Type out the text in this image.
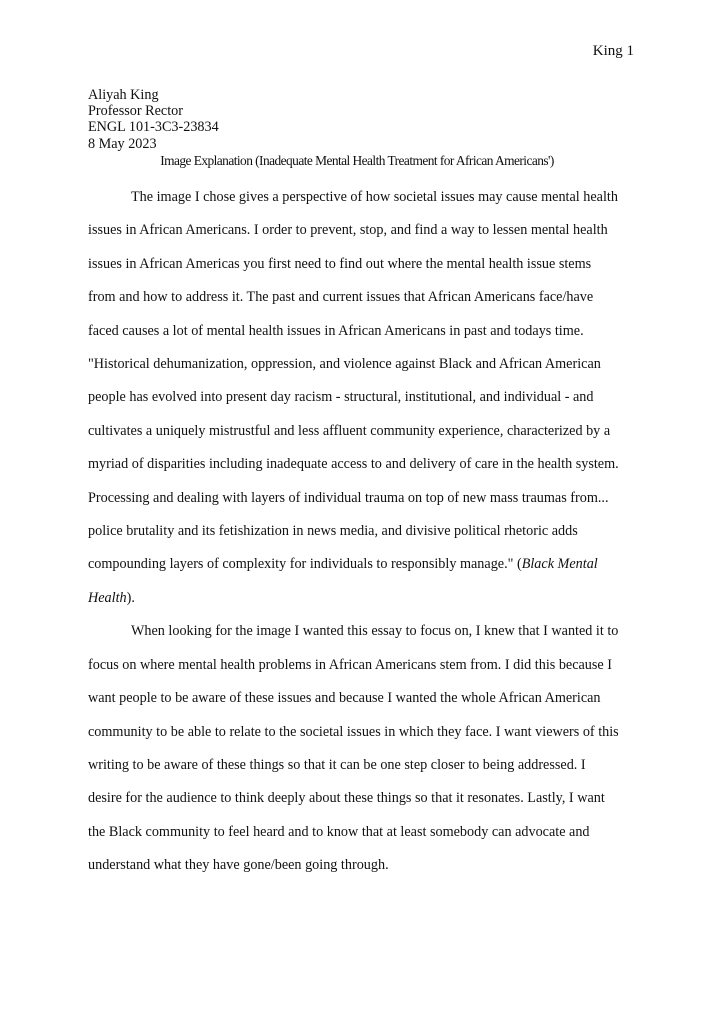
King 1
Aliyah King
Professor Rector
ENGL 101-3C3-23834
8 May 2023
Image Explanation (Inadequate Mental Health Treatment for African Americans')
The image I chose gives a perspective of how societal issues may cause mental health
issues in African Americans. I order to prevent, stop, and find a way to lessen mental health
issues in African Americas you first need to find out where the mental health issue stems
from and how to address it. The past and current issues that African Americans face/have
faced causes a lot of mental health issues in African Americans in past and todays time.
"Historical dehumanization, oppression, and violence against Black and African American
people has evolved into present day racism - structural, institutional, and individual - and
cultivates a uniquely mistrustful and less affluent community experience, characterized by a
myriad of disparities including inadequate access to and delivery of care in the health system.
Processing and dealing with layers of individual trauma on top of new mass traumas from...
police brutality and its fetishization in news media, and divisive political rhetoric adds
compounding layers of complexity for individuals to responsibly manage." (Black Mental
Health).
When looking for the image I wanted this essay to focus on, I knew that I wanted it to
focus on where mental health problems in African Americans stem from. I did this because I
want people to be aware of these issues and because I wanted the whole African American
community to be able to relate to the societal issues in which they face. I want viewers of this
writing to be aware of these things so that it can be one step closer to being addressed. I
desire for the audience to think deeply about these things so that it resonates. Lastly, I want
the Black community to feel heard and to know that at least somebody can advocate and
understand what they have gone/been going through.
